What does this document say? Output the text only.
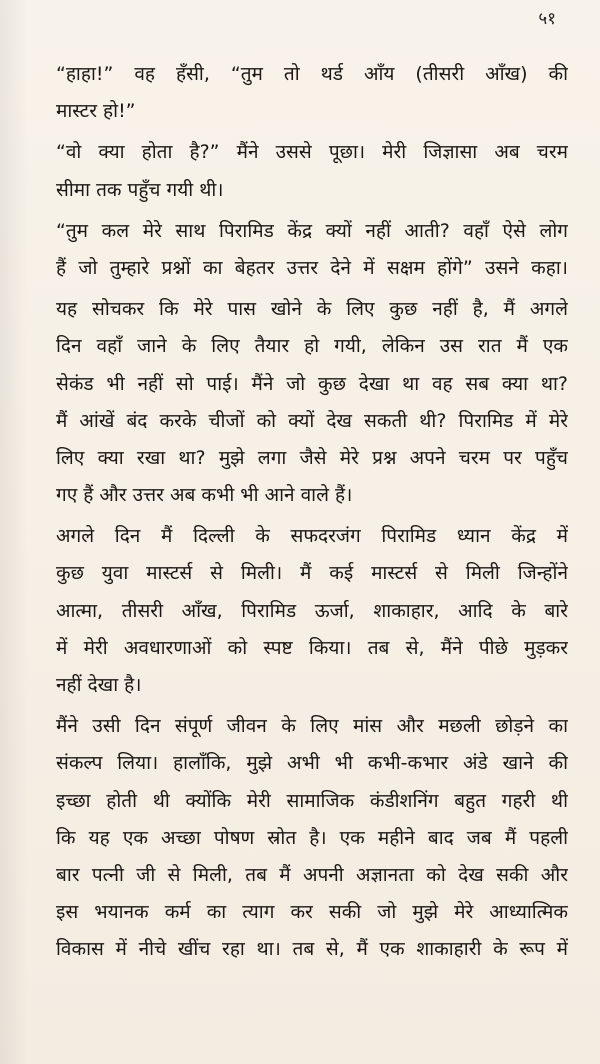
५१

“हाहा!” वह हँसी, “तुम तो थर्ड आँय (तीसरी आँख) की
मास्टर हो!”

“वो क्या होता है?” मैंने उससे पूछा। मेरी जिज्ञासा अब चरम
सीमा तक पहुँच गयी थी।

“तुम कल मेरे साथ पिरामिड केंद्र क्यों नहीं आती? वहाँ ऐसे लोग
हैं जो तुम्हारे प्रश्नों का बेहतर उत्तर देने में सक्षम होंगे” उसने कहा।

यह सोचकर कि मेरे पास खोने के लिए कुछ नहीं है, मैं अगले
दिन वहाँ जाने के लिए तैयार हो गयी, लेकिन उस रात मैं एक
सेकंड भी नहीं सो पाई। मैंने जो कुछ देखा था वह सब क्या था?
मैं आंखें बंद करके चीजों को क्यों देख सकती थी? पिरामिड में मेरे
लिए क्या रखा था? मुझे लगा जैसे मेरे प्रश्न अपने चरम पर पहुँच
गए हैं और उत्तर अब कभी भी आने वाले हैं।

अगले दिन मैं दिल्ली के सफदरजंग पिरामिड ध्यान केंद्र में
कुछ युवा मास्टर्स से मिली। मैं कई मास्टर्स से मिली जिन्होंने
आत्मा, तीसरी आँख, पिरामिड ऊर्जा, शाकाहार, आदि के बारे
में मेरी अवधारणाओं को स्पष्ट किया। तब से, मैंने पीछे मुड़कर
नहीं देखा है।

मैंने उसी दिन संपूर्ण जीवन के लिए मांस और मछली छोड़ने का
संकल्प लिया। हालाँकि, मुझे अभी भी कभी-कभार अंडे खाने की
इच्छा होती थी क्योंकि मेरी सामाजिक कंडीशनिंग बहुत गहरी थी
कि यह एक अच्छा पोषण स्रोत है। एक महीने बाद जब मैं पहली
बार पत्नी जी से मिली, तब मैं अपनी अज्ञानता को देख सकी और
इस भयानक कर्म का त्याग कर सकी जो मुझे मेरे आध्यात्मिक
विकास में नीचे खींच रहा था। तब से, मैं एक शाकाहारी के रूप में
